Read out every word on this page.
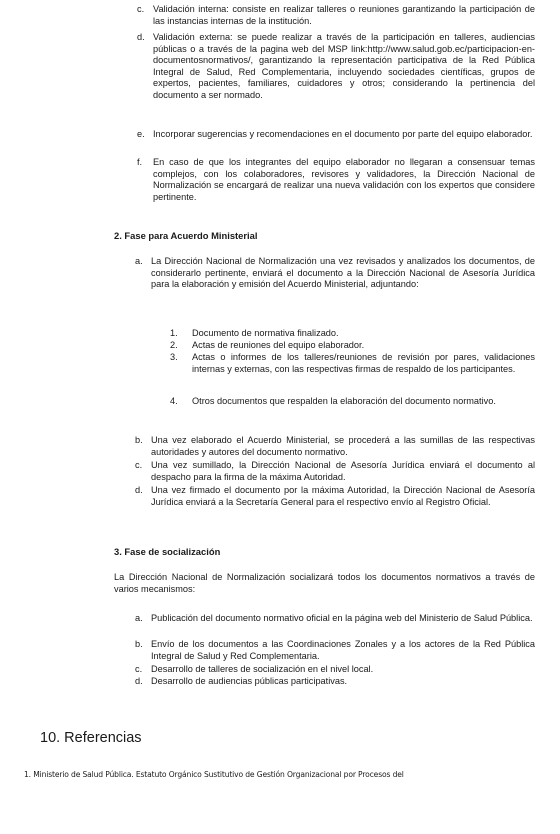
c. Validación interna: consiste en realizar talleres o reuniones garantizando la participación de las instancias internas de la institución.
d. Validación externa: se puede realizar a través de la participación en talleres, audiencias públicas o a través de la pagina web del MSP link:http://www.salud.gob.ec/participacion-en-documentosnormativos/, garantizando la representación participativa de la Red Pública Integral de Salud, Red Complementaria, incluyendo sociedades científicas, grupos de expertos, pacientes, familiares, cuidadores y otros; considerando la pertinencia del documento a ser normado.
e. Incorporar sugerencias y recomendaciones en el documento por parte del equipo elaborador.
f.	En caso de que los integrantes del equipo elaborador no llegaran a consensuar temas complejos, con los colaboradores, revisores y validadores, la Dirección Nacional de Normalización se encargará de realizar una nueva validación con los expertos que considere pertinente.
2. Fase para Acuerdo Ministerial
a. La Dirección Nacional de Normalización una vez revisados y analizados los documentos, de considerarlo pertinente, enviará el documento a la Dirección Nacional de Asesoría Jurídica para la elaboración y emisión del Acuerdo Ministerial, adjuntando:
1.	Documento de normativa finalizado.
2.	Actas de reuniones del equipo elaborador.
3.	Actas o informes de los talleres/reuniones de revisión por pares, validaciones internas y externas, con las respectivas firmas de respaldo de los participantes.
4.	Otros documentos que respalden la elaboración del documento normativo.
b. Una vez elaborado el Acuerdo Ministerial, se procederá a las sumillas de las respectivas autoridades y autores del documento normativo.
c. Una vez sumillado, la Dirección Nacional de Asesoría Jurídica enviará el documento al despacho para la firma de la máxima Autoridad.
d. Una vez firmado el documento por la máxima Autoridad, la Dirección Nacional de Asesoría Jurídica enviará a la Secretaría General para el respectivo envío al Registro Oficial.
3. Fase de socialización
La Dirección Nacional de Normalización socializará todos los documentos normativos a través de varios mecanismos:
a. Publicación del documento normativo oficial en la página web del Ministerio de Salud Pública.
b. Envío de los documentos a las Coordinaciones Zonales y a los actores de la Red Pública Integral de Salud y Red Complementaria.
c. Desarrollo de talleres de socialización en el nivel local.
d. Desarrollo de audiencias públicas participativas.
10. Referencias
1. Ministerio de Salud Pública. Estatuto Orgánico Sustitutivo de Gestión Organizacional por Procesos del
